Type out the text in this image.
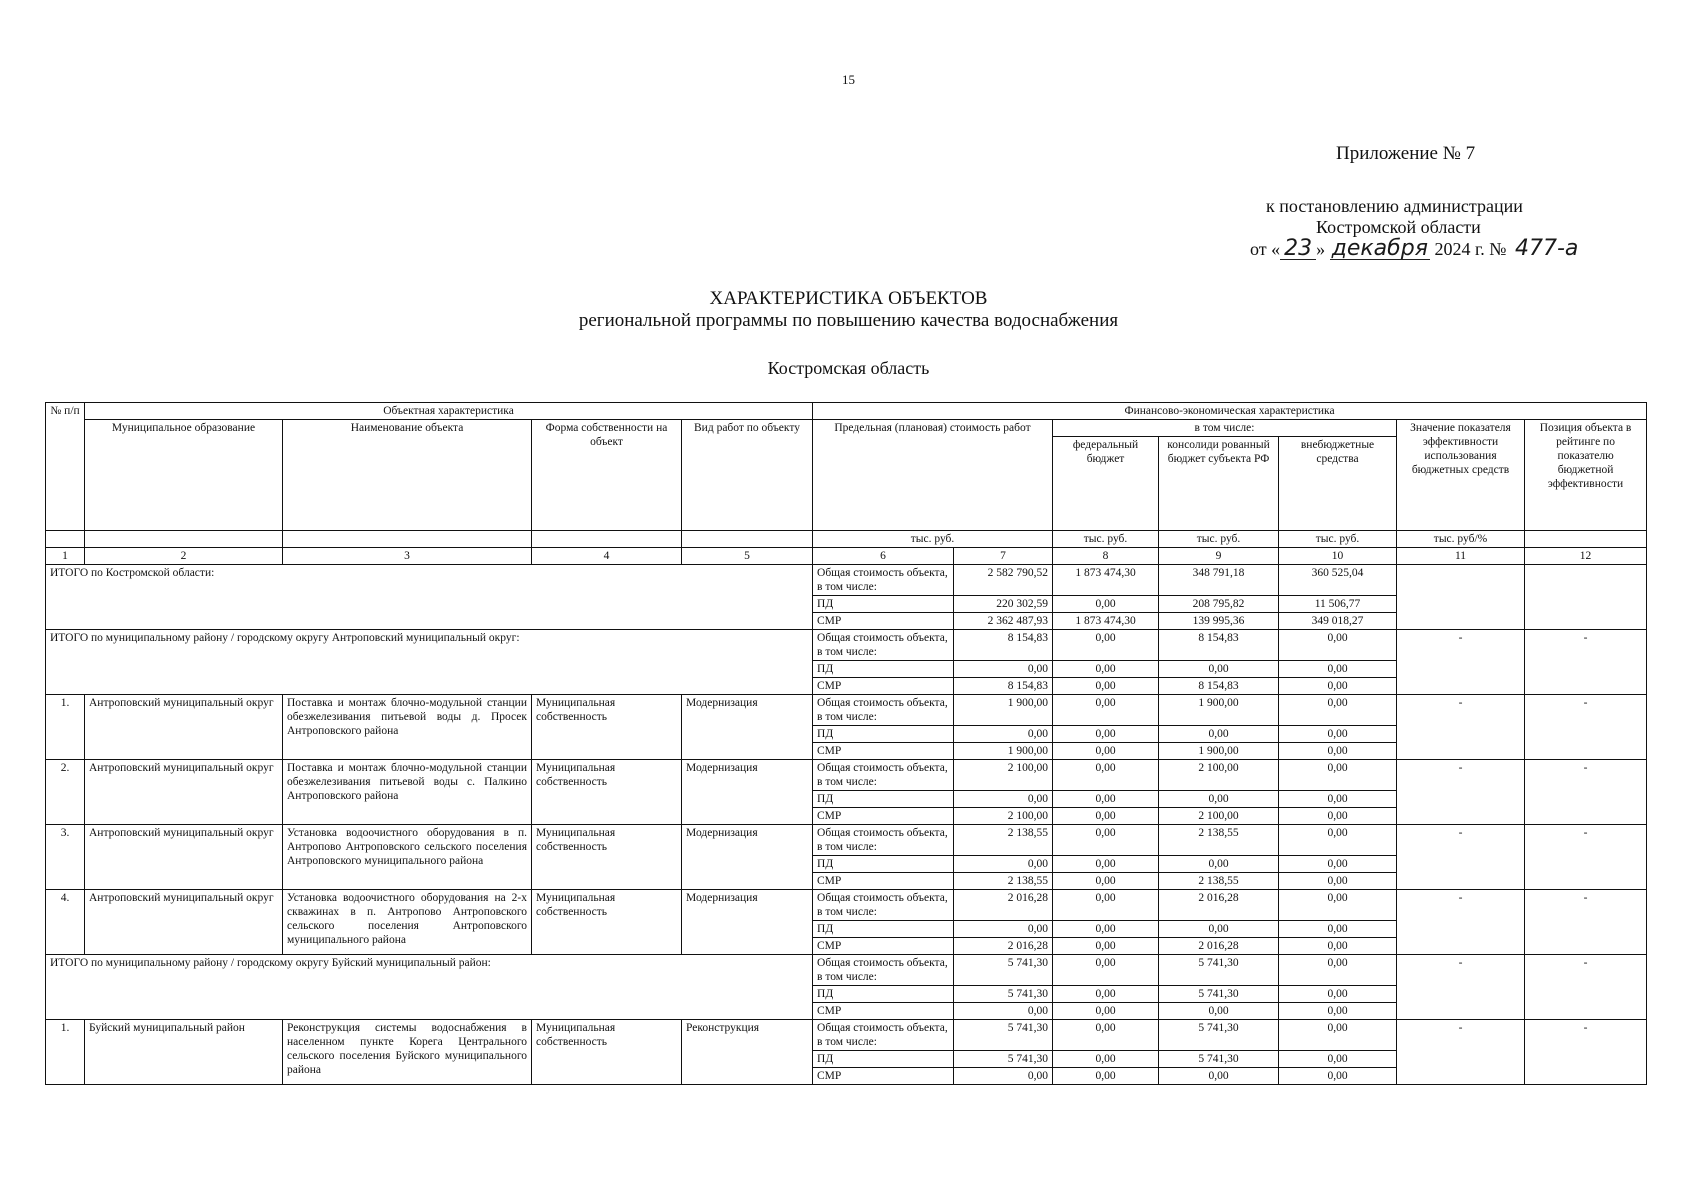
15
Приложение № 7
к постановлению администрации
Костромской области
от « 23 » декабря 2024 г. № 477-а
ХАРАКТЕРИСТИКА ОБЪЕКТОВ
региональной программы по повышению качества водоснабжения
Костромская область
№ п/п	Объектная характеристика				Финансово-экономическая характеристика						
	Муниципальное образование	Наименование объекта	Форма собственности на объект	Вид работ по объекту	Предельная (плановая) стоимость работ		в том числе:			Значение показателя эффективности использования бюджетных средств	Позиция объекта в рейтинге по показателю бюджетной эффективности
							федеральный бюджет	консолиди рованный бюджет субъекта РФ	внебюджетные средства		
					тыс. руб.		тыс. руб.	тыс. руб.	тыс. руб.	тыс. руб/%	
1	2	3	4	5	6	7	8	9	10	11	12
ИТОГО по Костромской области:					Общая стоимость объекта, в том числе:	2 582 790,52	1 873 474,30	348 791,18	360 525,04		
					ПД	220 302,59	0,00	208 795,82	11 506,77		
					СМР	2 362 487,93	1 873 474,30	139 995,36	349 018,27		
ИТОГО по муниципальному району / городскому округу Антроповский муниципальный округ:					Общая стоимость объекта, в том числе:	8 154,83	0,00	8 154,83	0,00	-	-
					ПД	0,00	0,00	0,00	0,00		
					СМР	8 154,83	0,00	8 154,83	0,00		
1.	Антроповский муниципальный округ	Поставка и монтаж блочно-модульной станции обезжелезивания питьевой воды д. Просек Антроповского района	Муниципальная собственность	Модернизация	Общая стоимость объекта, в том числе:	1 900,00	0,00	1 900,00	0,00	-	-
					ПД	0,00	0,00	0,00	0,00		
					СМР	1 900,00	0,00	1 900,00	0,00		
2.	Антроповский муниципальный округ	Поставка и монтаж блочно-модульной станции обезжелезивания питьевой воды с. Палкино Антроповского района	Муниципальная собственность	Модернизация	Общая стоимость объекта, в том числе:	2 100,00	0,00	2 100,00	0,00	-	-
					ПД	0,00	0,00	0,00	0,00		
					СМР	2 100,00	0,00	2 100,00	0,00		
3.	Антроповский муниципальный округ	Установка водоочистного оборудования в п. Антропово Антроповского сельского поселения Антроповского муниципального района	Муниципальная собственность	Модернизация	Общая стоимость объекта, в том числе:	2 138,55	0,00	2 138,55	0,00	-	-
					ПД	0,00	0,00	0,00	0,00		
					СМР	2 138,55	0,00	2 138,55	0,00		
4.	Антроповский муниципальный округ	Установка водоочистного оборудования на 2-х скважинах в п. Антропово Антроповского сельского поселения Антроповского муниципального района	Муниципальная собственность	Модернизация	Общая стоимость объекта, в том числе:	2 016,28	0,00	2 016,28	0,00	-	-
					ПД	0,00	0,00	0,00	0,00		
					СМР	2 016,28	0,00	2 016,28	0,00		
ИТОГО по муниципальному району / городскому округу Буйский муниципальный район:					Общая стоимость объекта, в том числе:	5 741,30	0,00	5 741,30	0,00	-	-
					ПД	5 741,30	0,00	5 741,30	0,00		
					СМР	0,00	0,00	0,00	0,00		
1.	Буйский муниципальный район	Реконструкция системы водоснабжения в населенном пункте Корега Центрального сельского поселения Буйского муниципального района	Муниципальная собственность	Реконструкция	Общая стоимость объекта, в том числе:	5 741,30	0,00	5 741,30	0,00	-	-
					ПД	5 741,30	0,00	5 741,30	0,00		
					СМР	0,00	0,00	0,00	0,00		
